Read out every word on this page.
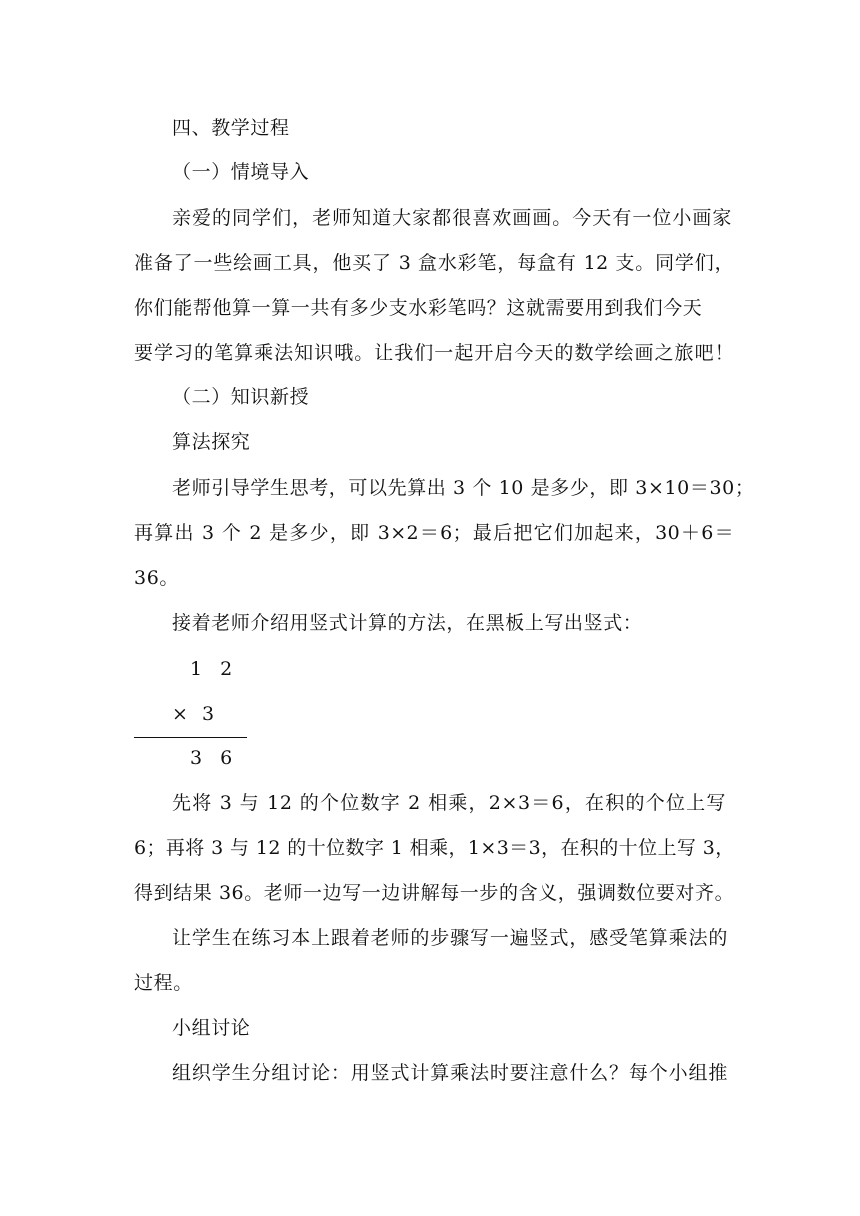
四、教学过程
（一）情境导入
亲爱的同学们，老师知道大家都很喜欢画画。今天有一位小画家
准备了一些绘画工具，他买了 3 盒水彩笔，每盒有 12 支。同学们，
你们能帮他算一算一共有多少支水彩笔吗？这就需要用到我们今天
要学习的笔算乘法知识哦。让我们一起开启今天的数学绘画之旅吧！
（二）知识新授
算法探究
老师引导学生思考，可以先算出 3 个 10 是多少，即 3×10＝30；
再算出 3 个 2 是多少，即 3×2＝6；最后把它们加起来，30＋6＝
36。
接着老师介绍用竖式计算的方法，在黑板上写出竖式：
1 2
× 3
3 6
先将 3 与 12 的个位数字 2 相乘，2×3＝6，在积的个位上写
6；再将 3 与 12 的十位数字 1 相乘，1×3＝3，在积的十位上写 3，
得到结果 36。老师一边写一边讲解每一步的含义，强调数位要对齐。
让学生在练习本上跟着老师的步骤写一遍竖式，感受笔算乘法的
过程。
小组讨论
组织学生分组讨论：用竖式计算乘法时要注意什么？每个小组推
